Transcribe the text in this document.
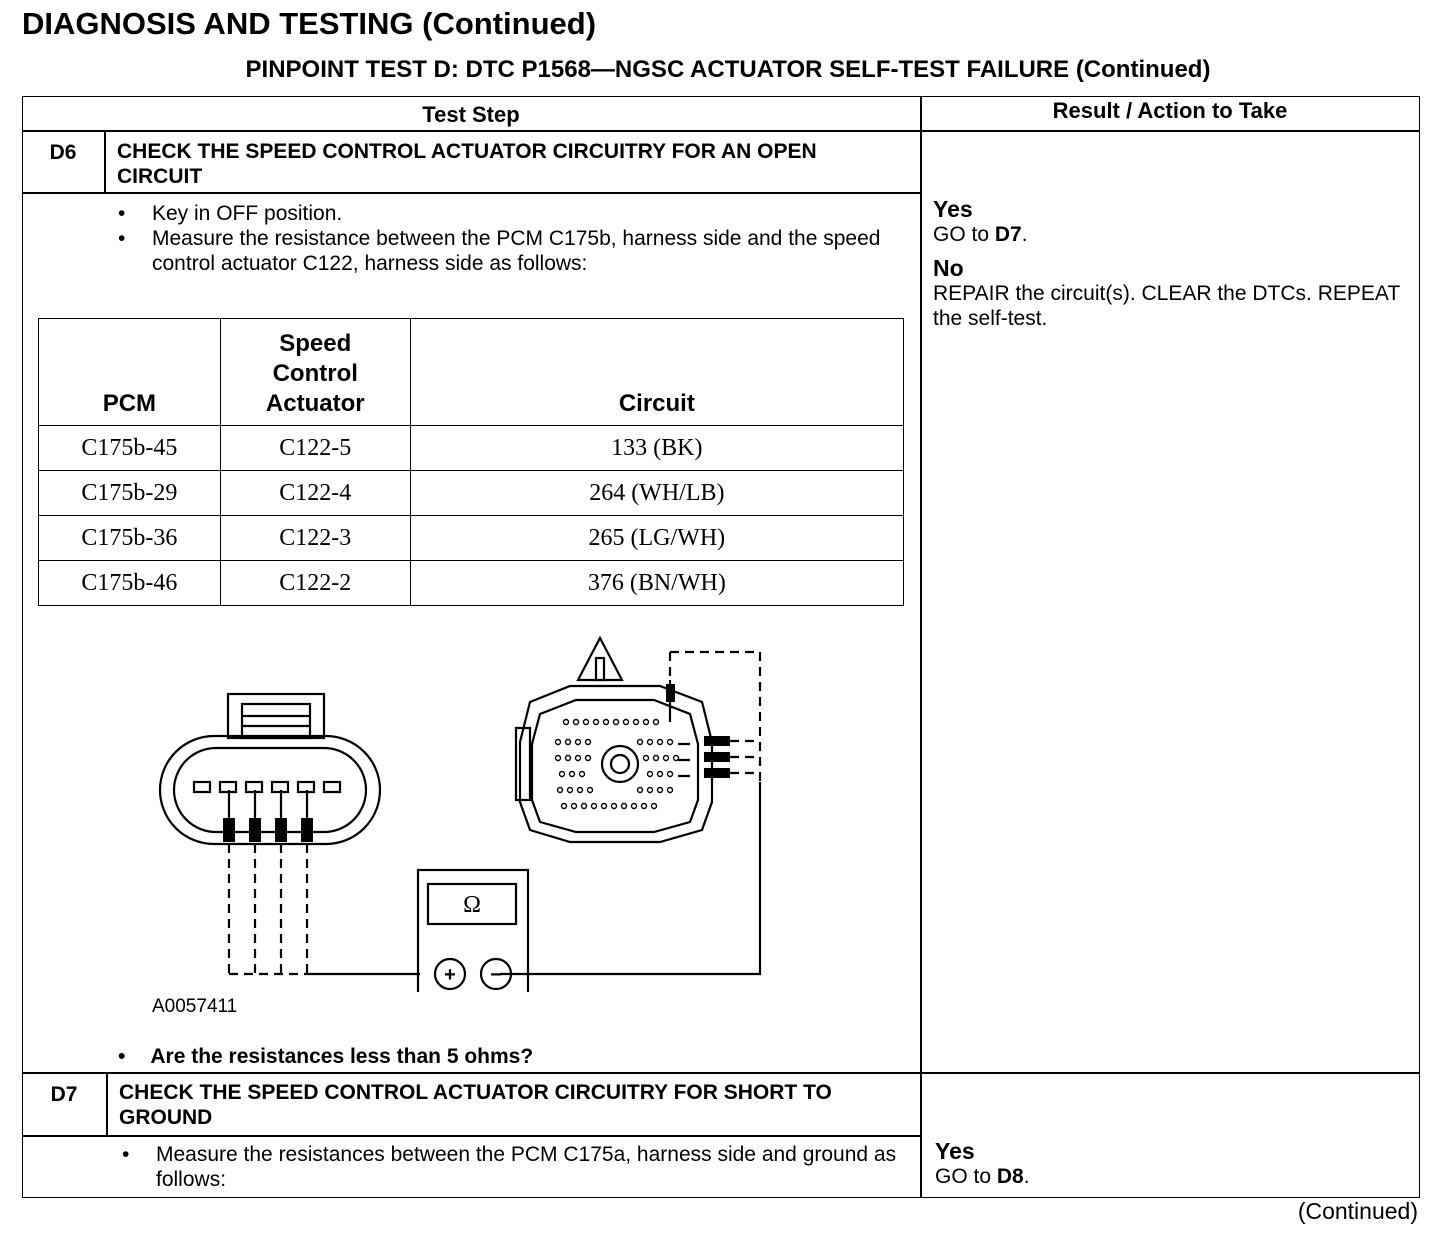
DIAGNOSIS AND TESTING (Continued)
PINPOINT TEST D: DTC P1568—NGSC ACTUATOR SELF-TEST FAILURE (Continued)
Test Step	Result / Action to Take
D6	CHECK THE SPEED CONTROL ACTUATOR CIRCUITRY FOR AN OPEN CIRCUIT
• Key in OFF position.
• Measure the resistance between the PCM C175b, harness side and the speed control actuator C122, harness side as follows:
PCM	Speed Control Actuator	Circuit
C175b-45	C122-5	133 (BK)
C175b-29	C122-4	264 (WH/LB)
C175b-36	C122-3	265 (LG/WH)
C175b-46	C122-2	376 (BN/WH)
Ω
+ −
A0057411
• Are the resistances less than 5 ohms?
Yes
GO to D7.
No
REPAIR the circuit(s). CLEAR the DTCs. REPEAT the self-test.
D7	CHECK THE SPEED CONTROL ACTUATOR CIRCUITRY FOR SHORT TO GROUND
• Measure the resistances between the PCM C175a, harness side and ground as follows:
Yes
GO to D8.
(Continued)
